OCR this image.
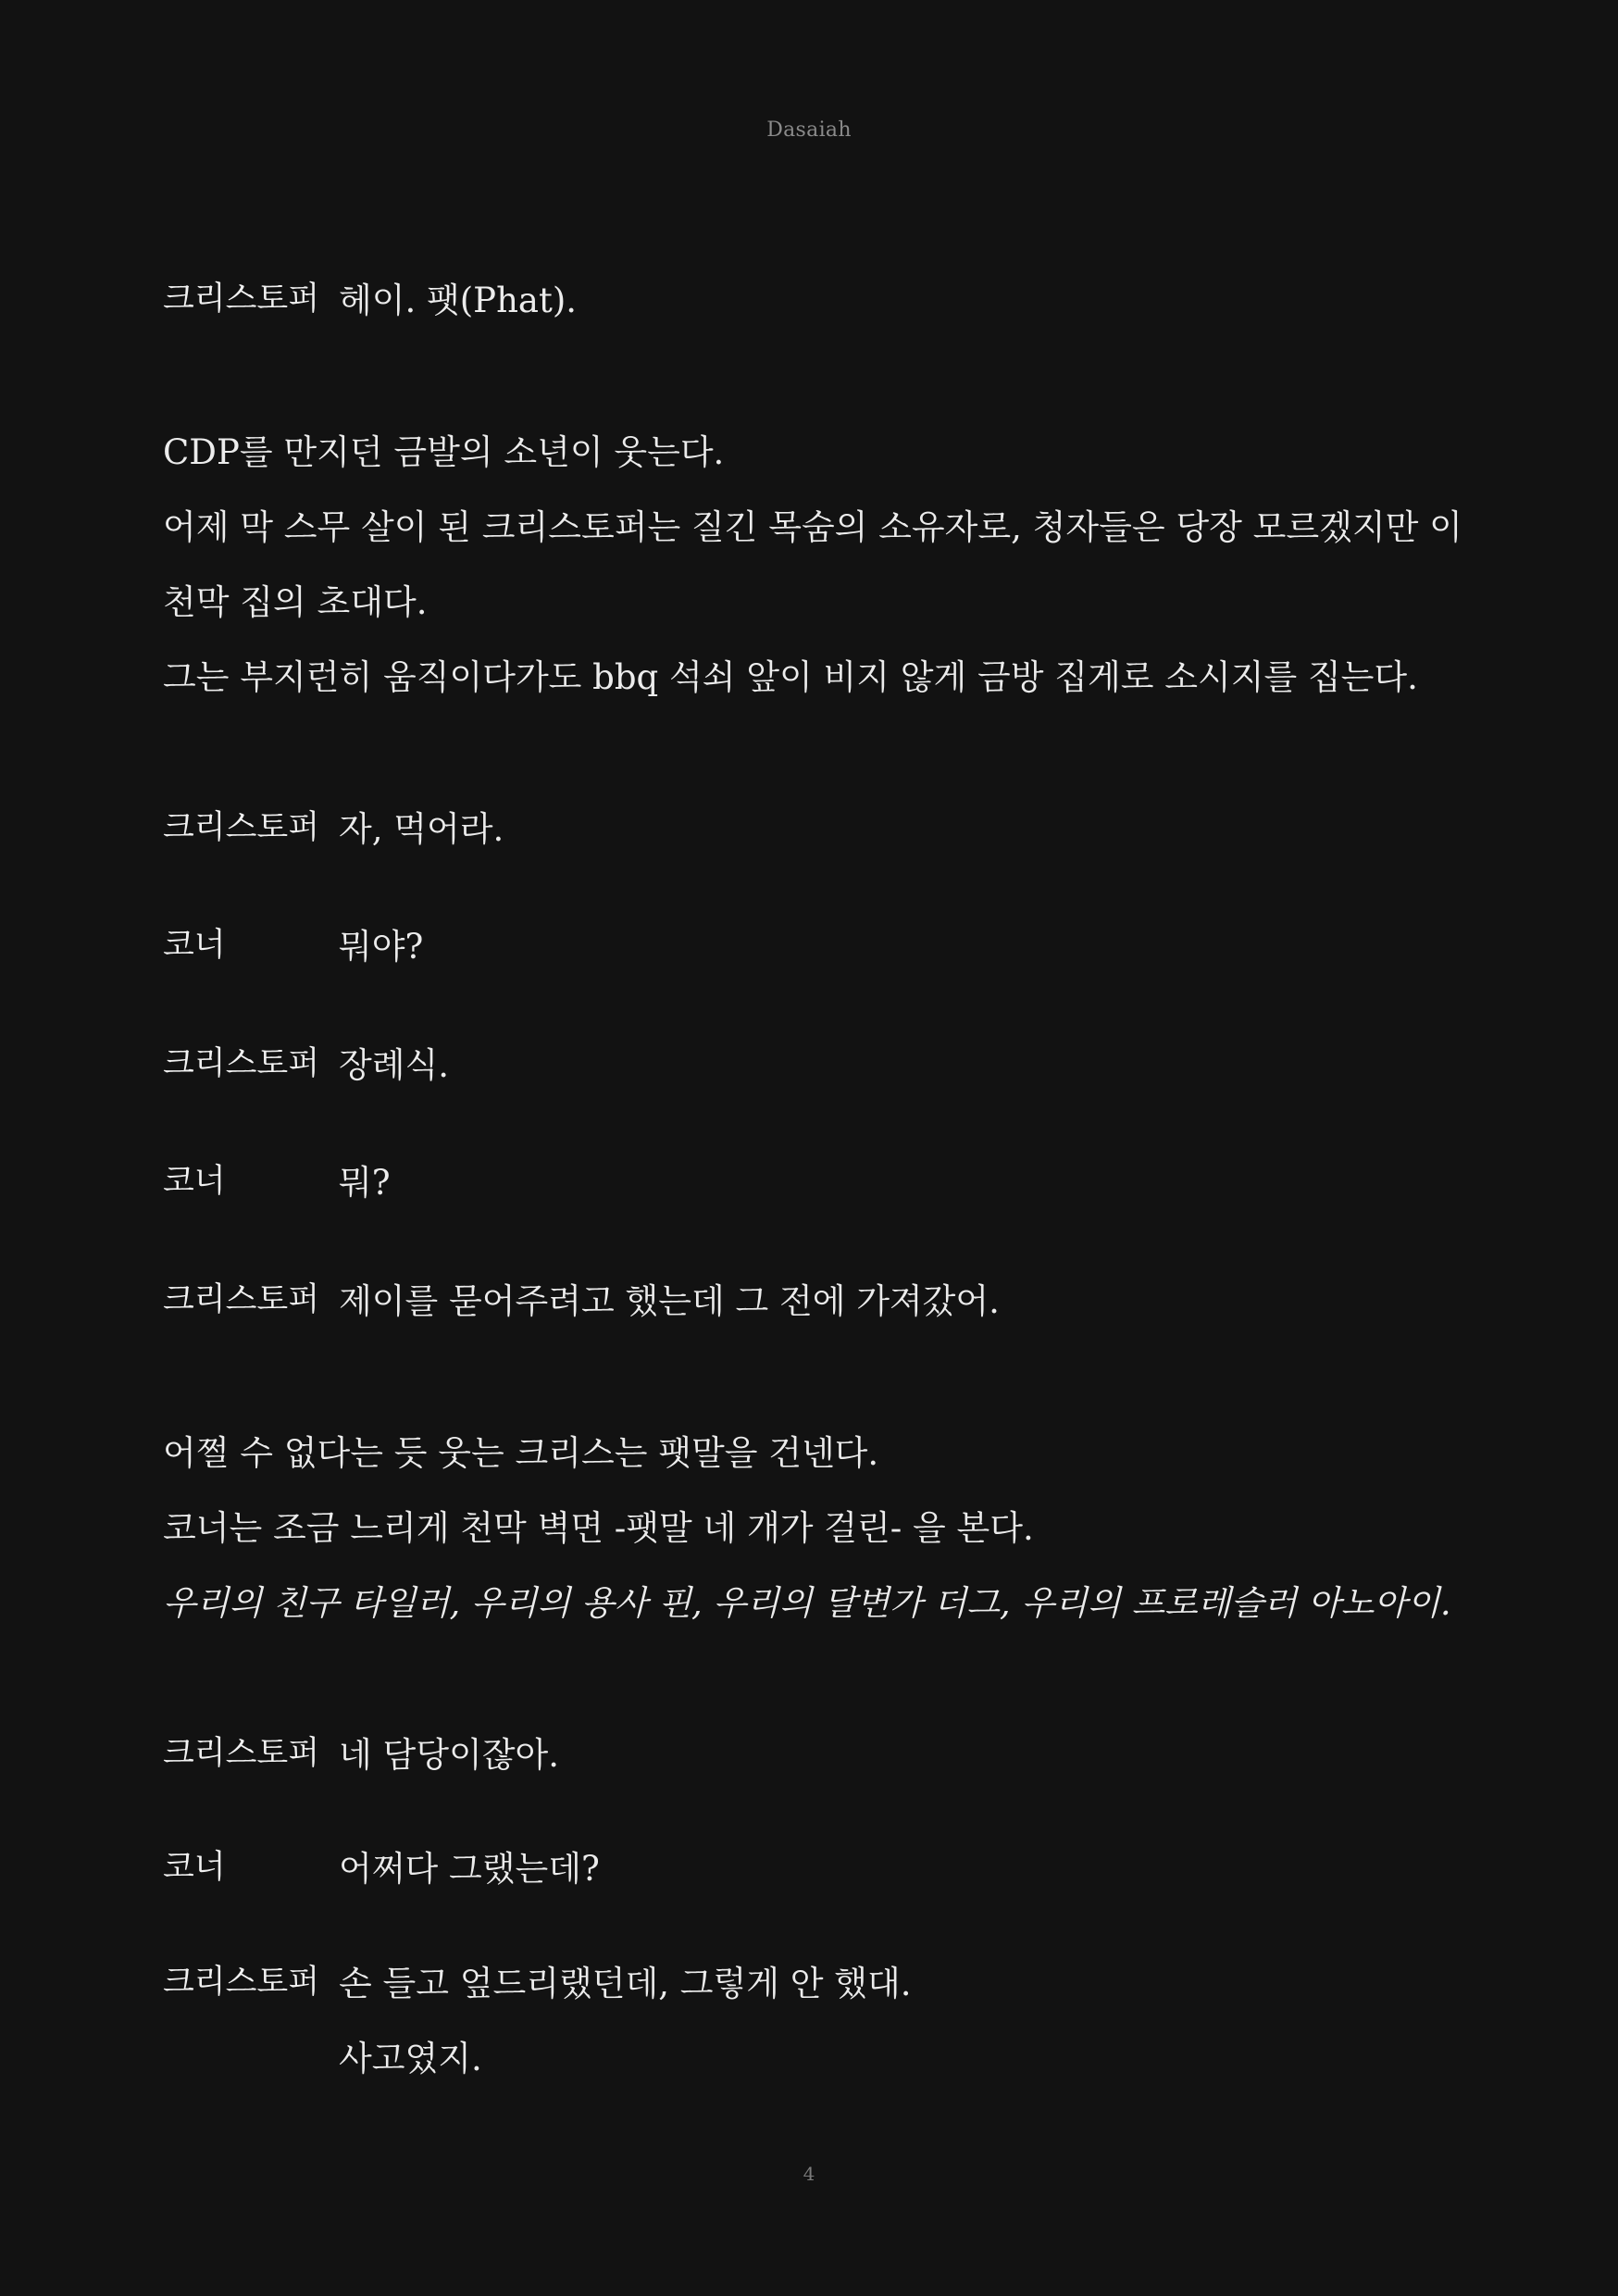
Dasaiah
크리스토퍼 헤이. 팻(Phat).
CDP를 만지던 금발의 소년이 웃는다.
어제 막 스무 살이 된 크리스토퍼는 질긴 목숨의 소유자로, 청자들은 당장 모르겠지만 이
천막 집의 초대다.
그는 부지런히 움직이다가도 bbq 석쇠 앞이 비지 않게 금방 집게로 소시지를 집는다.
크리스토퍼 자, 먹어라.
코너	뭐야?
크리스토퍼 장례식.
코너	뭐?
크리스토퍼 제이를 묻어주려고 했는데 그 전에 가져갔어.
어쩔 수 없다는 듯 웃는 크리스는 팻말을 건넨다.
코너는 조금 느리게 천막 벽면 -팻말 네 개가 걸린- 을 본다.
우리의 친구 타일러, 우리의 용사 핀, 우리의 달변가 더그, 우리의 프로레슬러 아노아이.
크리스토퍼 네 담당이잖아.
코너	어쩌다 그랬는데?
크리스토퍼 손 들고 엎드리랬던데, 그렇게 안 했대.
사고였지.
4
